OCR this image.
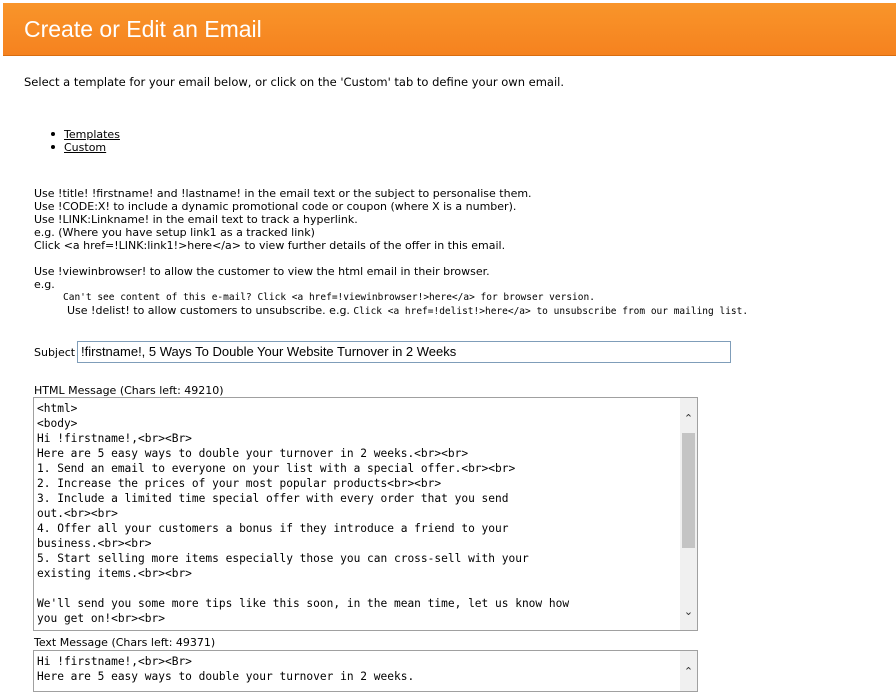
Create or Edit an Email
Select a template for your email below, or click on the 'Custom' tab to define your own email.
Templates
Custom
Use !title! !firstname! and !lastname! in the email text or the subject to personalise them.
Use !CODE:X! to include a dynamic promotional code or coupon (where X is a number).
Use !LINK:Linkname! in the email text to track a hyperlink.
e.g. (Where you have setup link1 as a tracked link)
Click <a href=!LINK:link1!>here</a> to view further details of the offer in this email.
Use !viewinbrowser! to allow the customer to view the html email in their browser.
e.g.
Can't see content of this e-mail? Click <a href=!viewinbrowser!>here</a> for browser version.
Use !delist! to allow customers to unsubscribe. e.g. Click <a href=!delist!>here</a> to unsubscribe from our mailing list.
Subject !firstname!, 5 Ways To Double Your Website Turnover in 2 Weeks
HTML Message (Chars left: 49210)
<html>
<body>
Hi !firstname!,<br><Br>
Here are 5 easy ways to double your turnover in 2 weeks.<br><br>
1. Send an email to everyone on your list with a special offer.<br><br>
2. Increase the prices of your most popular products<br><br>
3. Include a limited time special offer with every order that you send
out.<br><br>
4. Offer all your customers a bonus if they introduce a friend to your
business.<br><br>
5. Start selling more items especially those you can cross-sell with your
existing items.<br><br>

We'll send you some more tips like this soon, in the mean time, let us know how
you get on!<br><br>
⌃
⌄
Text Message (Chars left: 49371)
Hi !firstname!,<br><Br>
Here are 5 easy ways to double your turnover in 2 weeks.	⌃
